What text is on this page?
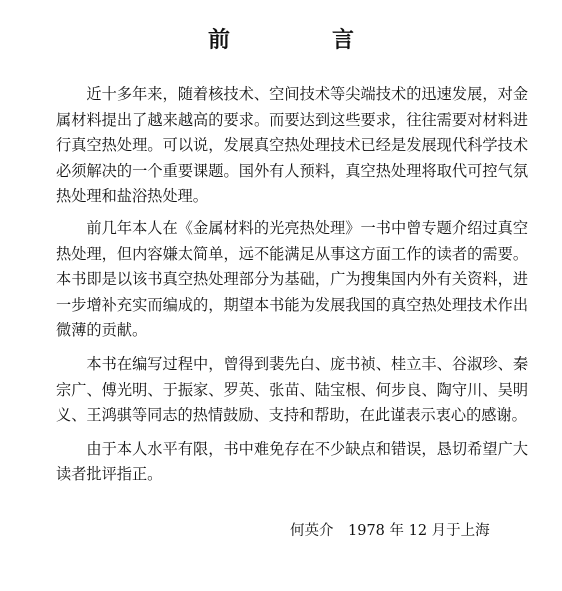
前　言

近十多年来，随着核技术、空间技术等尖端技术的迅速发展，对金属材料提出了越来越高的要求。而要达到这些要求，往往需要对材料进行真空热处理。可以说，发展真空热处理技术已经是发展现代科学技术必须解决的一个重要课题。国外有人预料，真空热处理将取代可控气氛热处理和盐浴热处理。

前几年本人在《金属材料的光亮热处理》一书中曾专题介绍过真空热处理，但内容嫌太简单，远不能满足从事这方面工作的读者的需要。本书即是以该书真空热处理部分为基础，广为搜集国内外有关资料，进一步增补充实而编成的，期望本书能为发展我国的真空热处理技术作出微薄的贡献。

本书在编写过程中，曾得到裴先白、庞书祯、桂立丰、谷淑珍、秦宗广、傅光明、于振家、罗英、张苗、陆宝根、何步良、陶守川、吴明义、王鸿骐等同志的热情鼓励、支持和帮助，在此谨表示衷心的感谢。

由于本人水平有限，书中难免存在不少缺点和错误，恳切希望广大读者批评指正。

何英介　1978 年 12 月于上海
